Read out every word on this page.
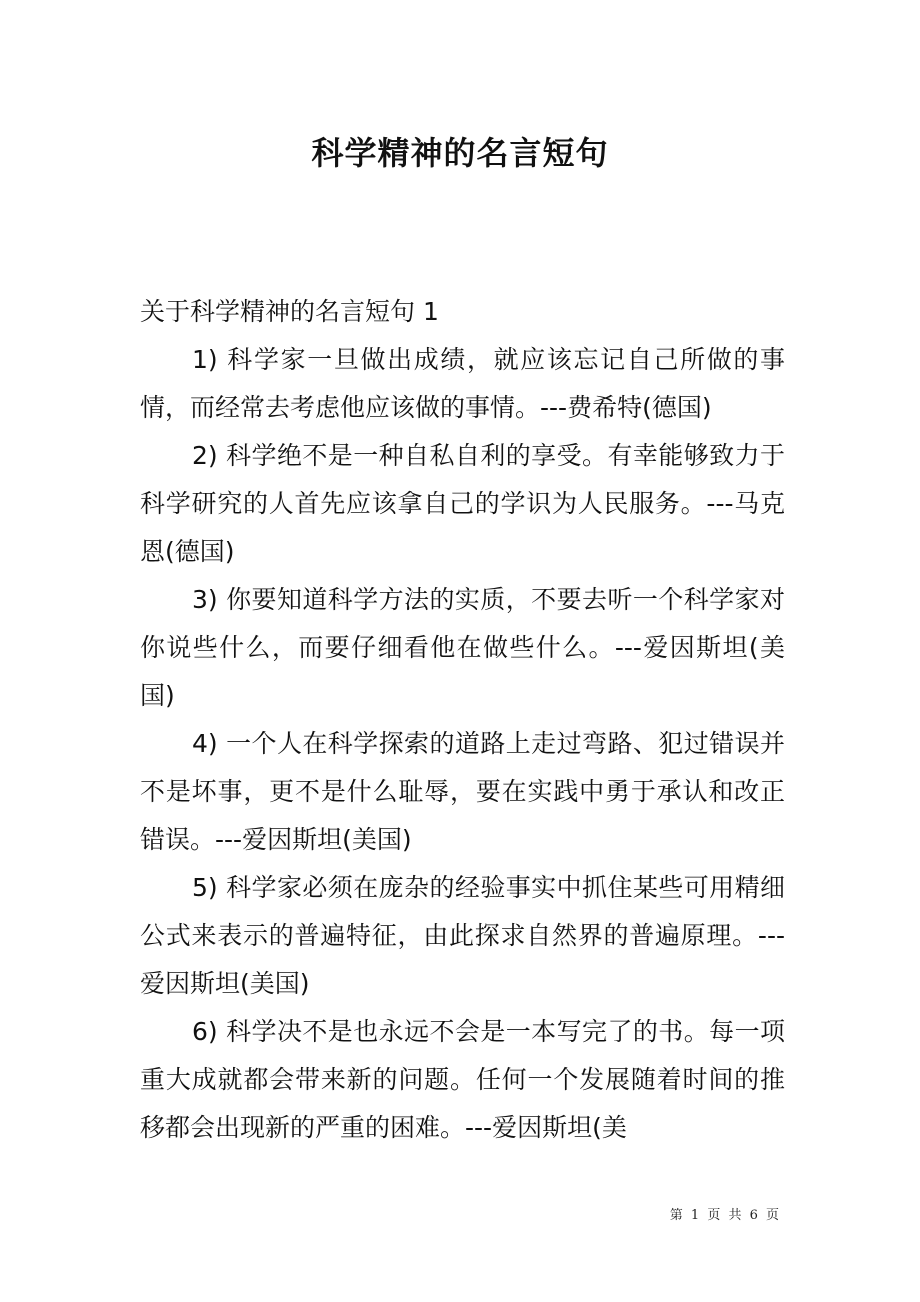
科学精神的名言短句

关于科学精神的名言短句 1

1) 科学家一旦做出成绩，就应该忘记自己所做的事情，而经常去考虑他应该做的事情。---费希特(德国)

2) 科学绝不是一种自私自利的享受。有幸能够致力于科学研究的人首先应该拿自己的学识为人民服务。---马克恩(德国)

3) 你要知道科学方法的实质，不要去听一个科学家对你说些什么，而要仔细看他在做些什么。---爱因斯坦(美国)

4) 一个人在科学探索的道路上走过弯路、犯过错误并不是坏事，更不是什么耻辱，要在实践中勇于承认和改正错误。---爱因斯坦(美国)

5) 科学家必须在庞杂的经验事实中抓住某些可用精细公式来表示的普遍特征，由此探求自然界的普遍原理。---爱因斯坦(美国)

6) 科学决不是也永远不会是一本写完了的书。每一项重大成就都会带来新的问题。任何一个发展随着时间的推移都会出现新的严重的困难。---爱因斯坦(美

第 1 页 共 6 页
